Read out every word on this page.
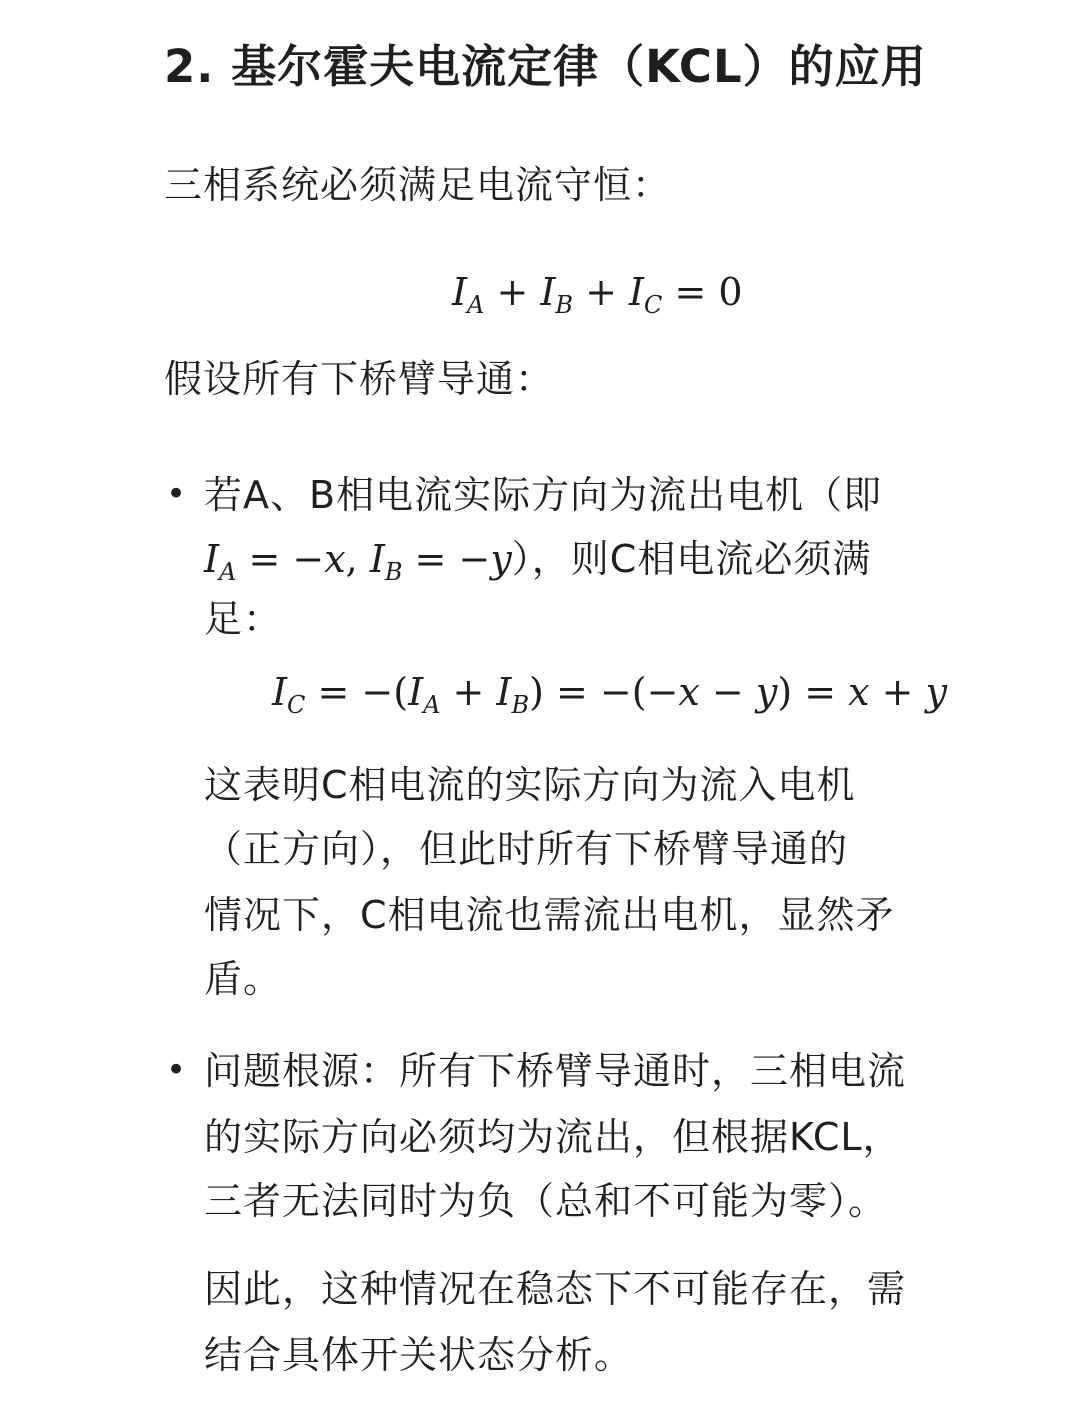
2. 基尔霍夫电流定律（KCL）的应用
三相系统必须满足电流守恒：
$I_A + I_B + I_C = 0$
假设所有下桥臂导通：
• 若A、B相电流实际方向为流出电机（即
$I_A = -x$, $I_B = -y$），则C相电流必须满
足：
$I_C = -(I_A + I_B) = -(-x - y) = x + y$
这表明C相电流的实际方向为流入电机
（正方向），但此时所有下桥臂导通的
情况下，C相电流也需流出电机，显然矛
盾。
• 问题根源：所有下桥臂导通时，三相电流
的实际方向必须均为流出，但根据KCL，
三者无法同时为负（总和不可能为零）。
因此，这种情况在稳态下不可能存在，需
结合具体开关状态分析。
